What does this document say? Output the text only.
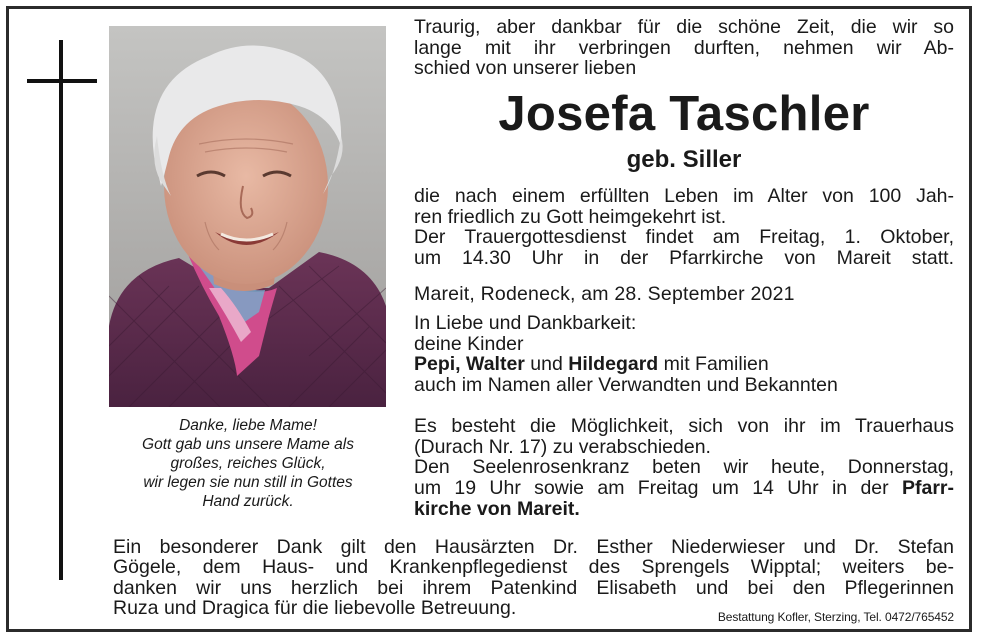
Danke, liebe Mame!
Gott gab uns unsere Mame als
großes, reiches Glück,
wir legen sie nun still in Gottes
Hand zurück.
Traurig, aber dankbar für die schöne Zeit, die wir so
lange mit ihr verbringen durften, nehmen wir Ab-
schied von unserer lieben
Josefa Taschler
geb. Siller
die nach einem erfüllten Leben im Alter von 100 Jah-
ren friedlich zu Gott heimgekehrt ist.
Der Trauergottesdienst findet am Freitag, 1. Oktober,
um 14.30 Uhr in der Pfarrkirche von Mareit statt.
Mareit, Rodeneck, am 28. September 2021
In Liebe und Dankbarkeit:
deine Kinder
Pepi, Walter und Hildegard mit Familien
auch im Namen aller Verwandten und Bekannten
Es besteht die Möglichkeit, sich von ihr im Trauerhaus
(Durach Nr. 17) zu verabschieden.
Den Seelenrosenkranz beten wir heute, Donnerstag,
um 19 Uhr sowie am Freitag um 14 Uhr in der Pfarr-
kirche von Mareit.
Ein besonderer Dank gilt den Hausärzten Dr. Esther Niederwieser und Dr. Stefan
Gögele, dem Haus- und Krankenpflegedienst des Sprengels Wipptal; weiters be-
danken wir uns herzlich bei ihrem Patenkind Elisabeth und bei den Pflegerinnen
Ruza und Dragica für die liebevolle Betreuung.	Bestattung Kofler, Sterzing, Tel. 0472/765452
